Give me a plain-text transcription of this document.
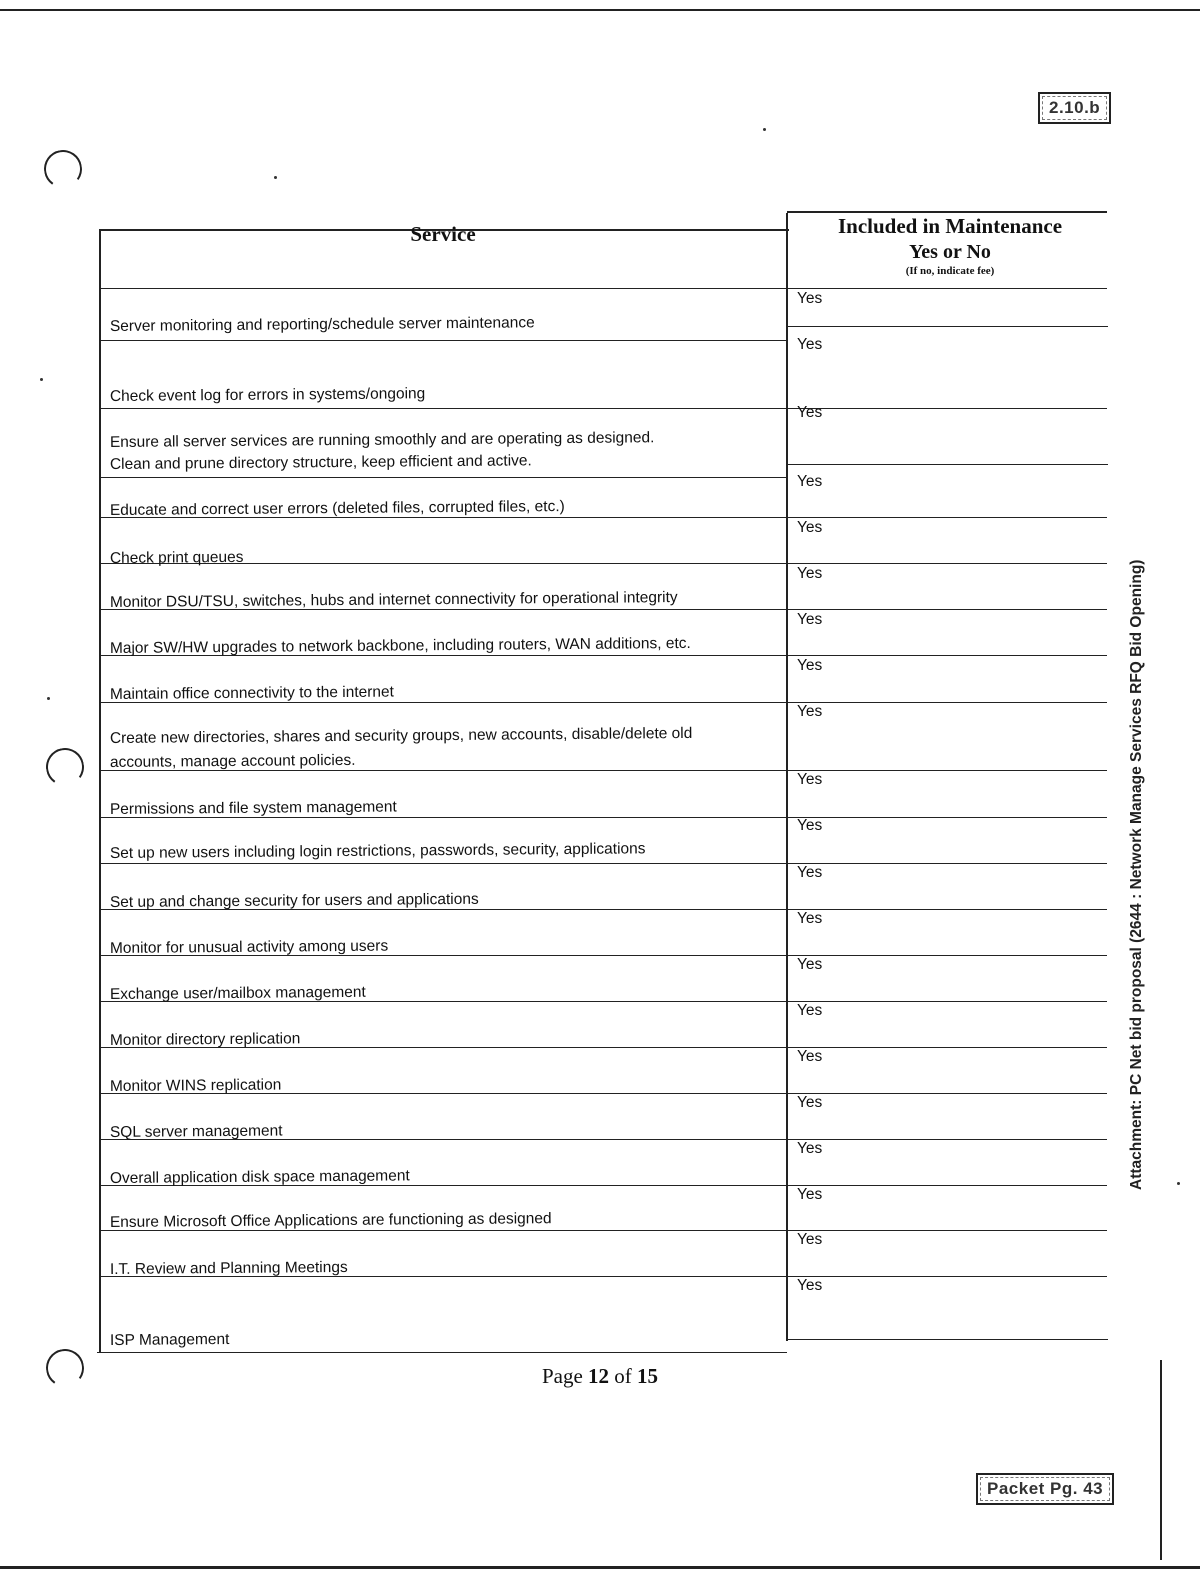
2.10.b
Service	Included in Maintenance
Yes or No
(If no, indicate fee)
Server monitoring and reporting/schedule server maintenance
Yes
Check event log for errors in systems/ongoing
Yes
Ensure all server services are running smoothly and are operating as designed.
Clean and prune directory structure, keep efficient and active.
Yes
Educate and correct user errors (deleted files, corrupted files, etc.)
Yes
Check print queues
Yes
Monitor DSU/TSU, switches, hubs and internet connectivity for operational integrity
Yes
Major SW/HW upgrades to network backbone, including routers, WAN additions, etc.
Yes
Maintain office connectivity to the internet
Yes
Create new directories, shares and security groups, new accounts, disable/delete old
accounts, manage account policies.
Yes
Permissions and file system management
Yes
Set up new users including login restrictions, passwords, security, applications
Yes
Set up and change security for users and applications
Yes
Monitor for unusual activity among users
Yes
Exchange user/mailbox management
Yes
Monitor directory replication
Yes
Monitor WINS replication
Yes
SQL server management
Yes
Overall application disk space management
Yes
Ensure Microsoft Office Applications are functioning as designed
Yes
I.T. Review and Planning Meetings
Yes
ISP Management
Yes
Page 12 of 15
Attachment: PC Net bid proposal (2644 : Network Manage Services RFQ Bid Opening)
Packet Pg. 43
